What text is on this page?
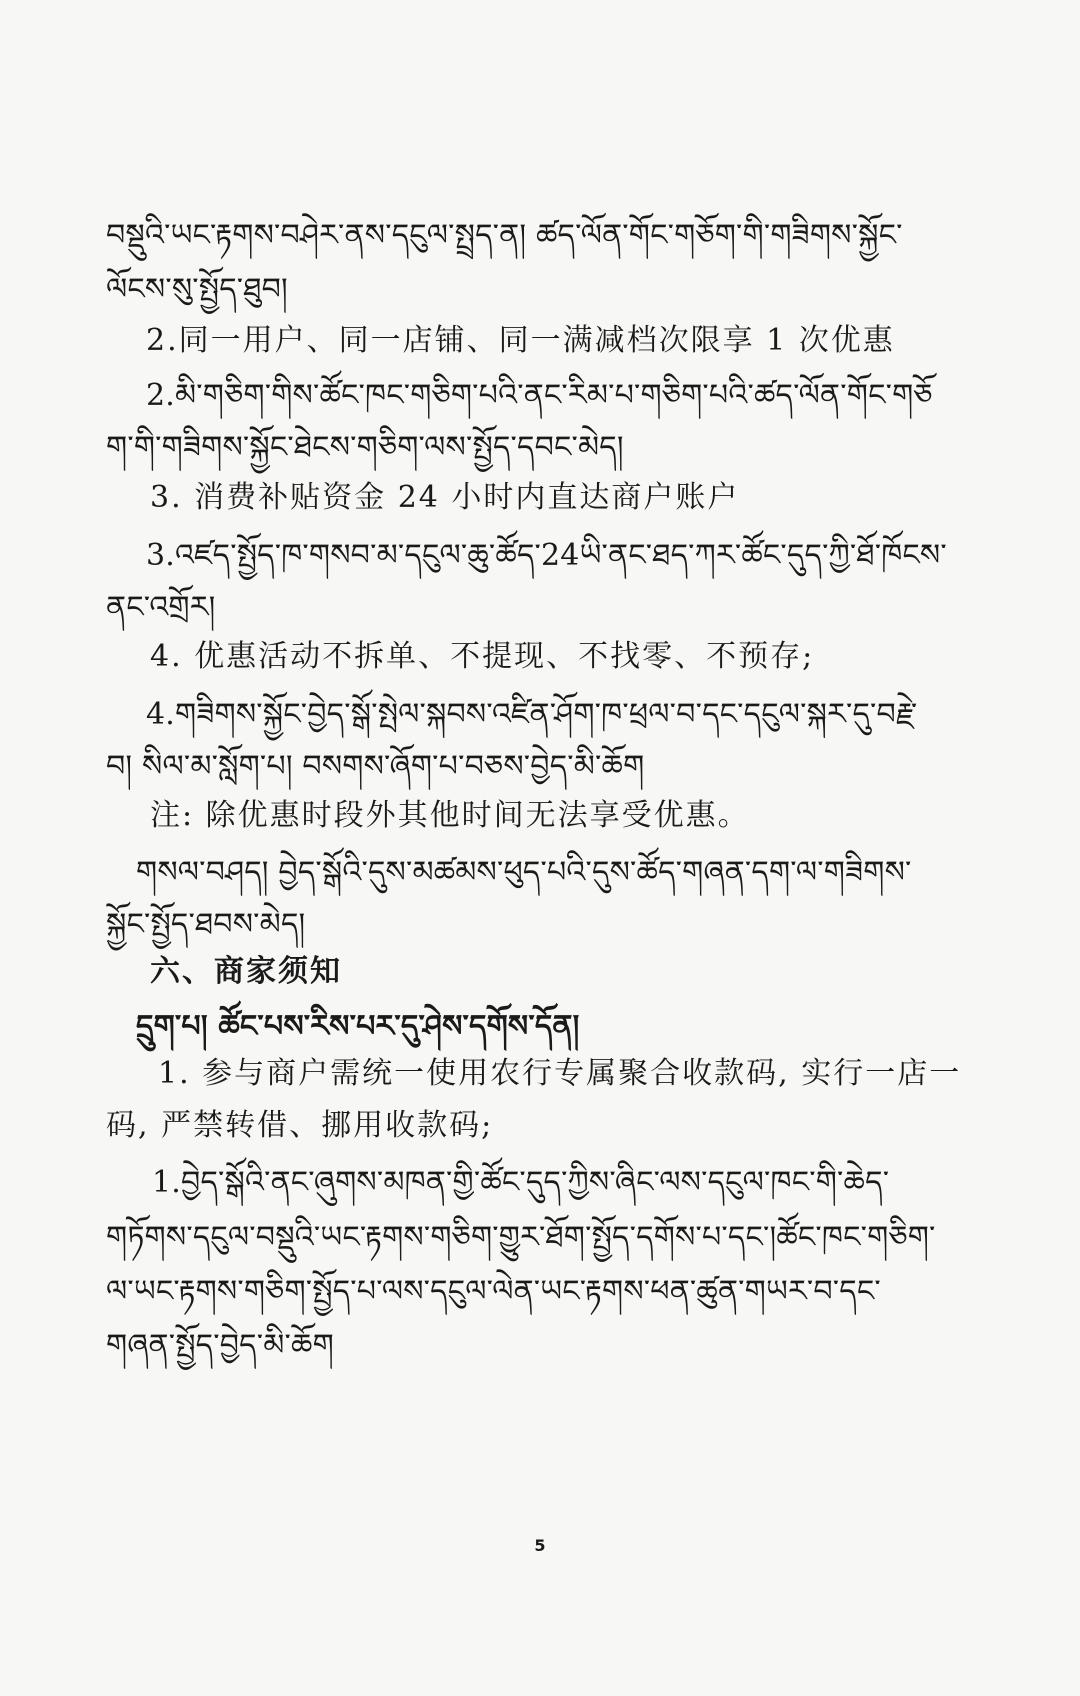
བསྡུའི་ཡང་རྟགས་བཤེར་ནས་དངུལ་སྤྲད་ན། ཚད་ལོན་གོང་གཅོག་གི་གཟིགས་སྐྱོང་
ལོངས་སུ་སྤྱོད་ཐུབ།
2.同一用户、同一店铺、同一满减档次限享 1 次优惠
2.མི་གཅིག་གིས་ཚོང་ཁང་གཅིག་པའི་ནང་རིམ་པ་གཅིག་པའི་ཚད་ལོན་གོང་གཅོ
ག་གི་གཟིགས་སྐྱོང་ཐེངས་གཅིག་ལས་སྤྱོད་དབང་མེད།
3. 消费补贴资金 24 小时内直达商户账户
3.འཛད་སྤྱོད་ཁ་གསབ་མ་དངུལ་ཆུ་ཚོད་24ཡི་ནང་ཐད་ཀར་ཚོང་དུད་ཀྱི་ཐོ་ཁོངས་
ནང་འགྲོར།
4. 优惠活动不拆单、不提现、不找零、不预存;
4.གཟིགས་སྐྱོང་བྱེད་སྒོ་སྤེལ་སྐབས་འཛིན་ཤོག་ཁ་ཕྲལ་བ་དང་དངུལ་སྐར་དུ་བརྗེ་
བ། སིལ་མ་སློག་པ། བསགས་ཞོག་པ་བཅས་བྱེད་མི་ཆོག
注: 除优惠时段外其他时间无法享受优惠。
གསལ་བཤད། བྱེད་སྒོའི་དུས་མཚམས་ཕུད་པའི་དུས་ཚོད་གཞན་དག་ལ་གཟིགས་
སྐྱོང་སྤྱོད་ཐབས་མེད།
六、商家须知
དྲུག་པ། ཚོང་པས་རིས་པར་དུ་ཤེས་དགོས་དོན།
1. 参与商户需统一使用农行专属聚合收款码, 实行一店一
码, 严禁转借、挪用收款码;
1.བྱེད་སྒོའི་ནང་ཞུགས་མཁན་གྱི་ཚོང་དུད་ཀྱིས་ཞིང་ལས་དངུལ་ཁང་གི་ཆེད་
གཏོགས་དངུལ་བསྡུའི་ཡང་རྟགས་གཅིག་གྱུར་ཐོག་སྤྱོད་དགོས་པ་དང་།ཚོང་ཁང་གཅིག་
ལ་ཡང་རྟགས་གཅིག་སྤྱོད་པ་ལས་དངུལ་ལེན་ཡང་རྟགས་ཕན་ཚུན་གཡར་བ་དང་
གཞན་སྤྱོད་བྱེད་མི་ཆོག
5
